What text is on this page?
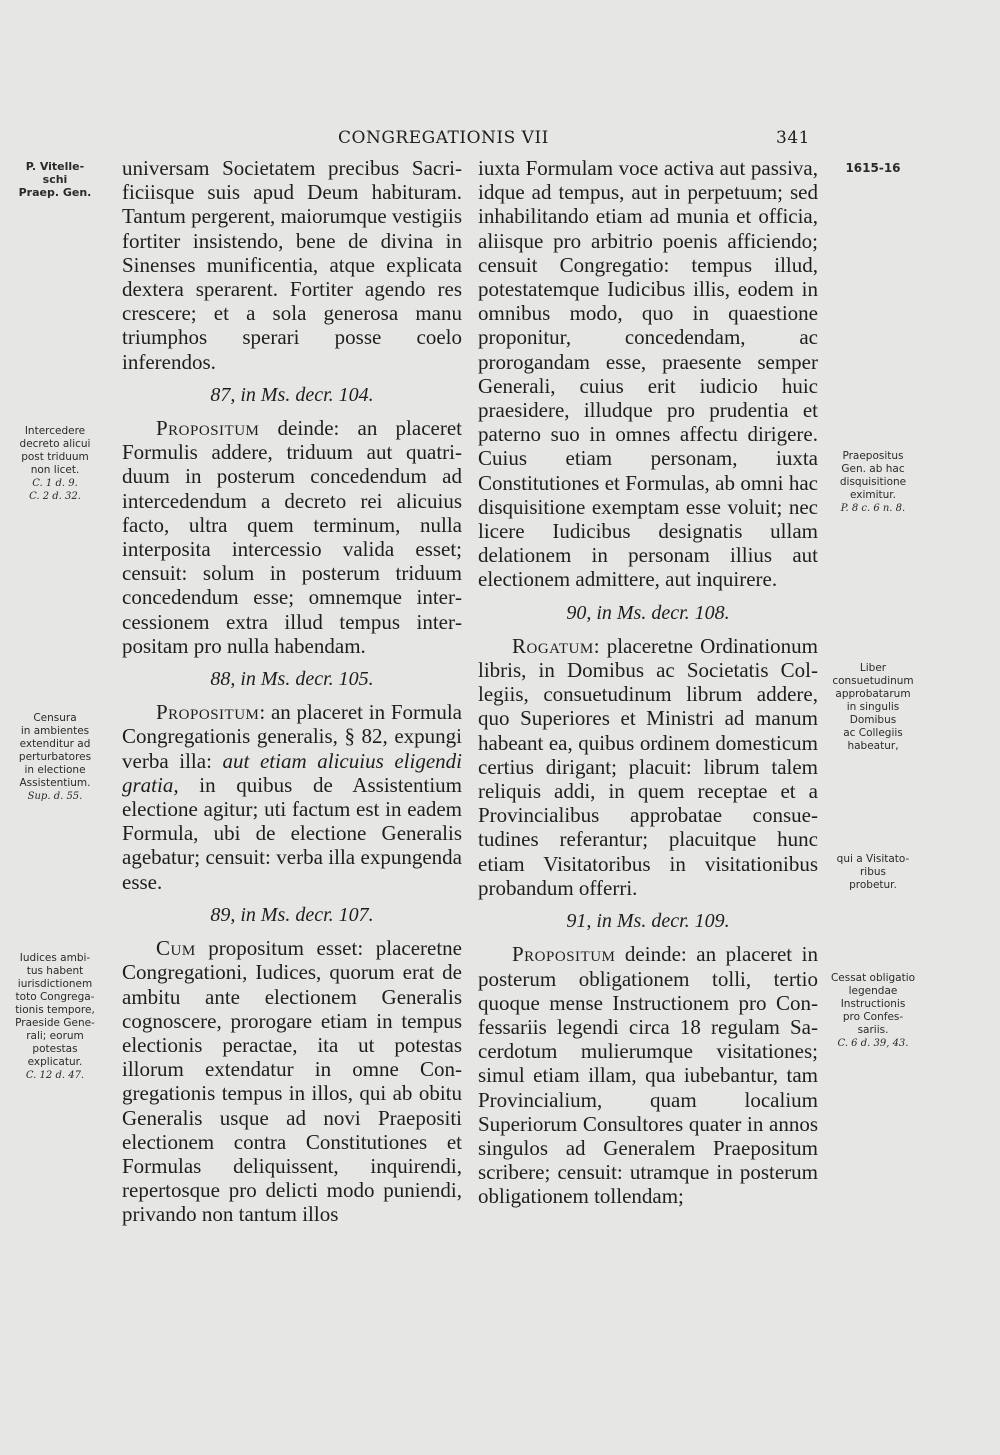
CONGREGATIONIS VII	341
P. Vitelle-
schi
Praep. Gen.
Intercedere
decreto alicui
post triduum
non licet.
C. 1 d. 9.
C. 2 d. 32.
Censura
in ambientes
extenditur ad
perturbatores
in electione
Assistentium.
Sup. d. 55.
Iudices ambi-
tus habent
iurisdictionem
toto Congrega-
tionis tempore,
Praeside Gene-
rali; eorum
potestas
explicatur.
C. 12 d. 47.
1615-16
Praepositus
Gen. ab hac
disquisitione
eximitur.
P. 8 c. 6 n. 8.
Liber
consuetudinum
approbatarum
in singulis
Domibus
ac Collegiis
habeatur,
qui a Visitato-
ribus
probetur.
Cessat obligatio
legendae
Instructionis
pro Confes-
sariis.
C. 6 d. 39, 43.

universam Societatem precibus Sacrificiisque suis apud Deum habituram. Tantum pergerent, maiorumque vestigiis fortiter insistendo, bene de divina in Sinenses munificentia, atque explicata dextera sperarent. Fortiter agendo res crescere; et a sola generosa manu triumphos sperari posse coelo inferendos.

87, in Ms. decr. 104.

Propositum deinde: an placeret Formulis addere, triduum aut quatriduum in posterum concedendum ad intercedendum a decreto rei alicuius facto, ultra quem terminum, nulla interposita intercessio valida esset; censuit: solum in posterum triduum concedendum esse; omnemque intercessionem extra illud tempus interpositam pro nulla habendam.

88, in Ms. decr. 105.

Propositum: an placeret in Formula Congregationis generalis, § 82, expungi verba illa: aut etiam alicuius eligendi gratia, in quibus de Assistentium electione agitur; uti factum est in eadem Formula, ubi de electione Generalis agebatur; censuit: verba illa expungenda esse.

89, in Ms. decr. 107.

Cum propositum esset: placeretne Congregationi, Iudices, quorum erat de ambitu ante electionem Generalis cognoscere, prorogare etiam in tempus electionis peractae, ita ut potestas illorum extendatur in omne Congregationis tempus in illos, qui ab obitu Generalis usque ad novi Praepositi electionem contra Constitutiones et Formulas deliquissent, inquirendi, repertosque pro delicti modo puniendi, privando non tantum illos

iuxta Formulam voce activa aut passiva, idque ad tempus, aut in perpetuum; sed inhabilitando etiam ad munia et officia, aliisque pro arbitrio poenis afficiendo; censuit Congregatio: tempus illud, potestatemque Iudicibus illis, eodem in omnibus modo, quo in quaestione proponitur, concedendam, ac prorogandam esse, praesente semper Generali, cuius erit iudicio huic praesidere, illudque pro prudentia et paterno suo in omnes affectu dirigere. Cuius etiam personam, iuxta Constitutiones et Formulas, ab omni hac disquisitione exemptam esse voluit; nec licere Iudicibus designatis ullam delationem in personam illius aut electionem admittere, aut inquirere.

90, in Ms. decr. 108.

Rogatum: placeretne Ordinationum libris, in Domibus ac Societatis Collegiis, consuetudinum librum addere, quo Superiores et Ministri ad manum habeant ea, quibus ordinem domesticum certius dirigant; placuit: librum talem reliquis addi, in quem receptae et a Provincialibus approbatae consuetudines referantur; placuitque hunc etiam Visitatoribus in visitationibus probandum offerri.

91, in Ms. decr. 109.

Propositum deinde: an placeret in posterum obligationem tolli, tertio quoque mense Instructionem pro Confessariis legendi circa 18 regulam Sacerdotum mulierumque visitationes; simul etiam illam, qua iubebantur, tam Provincialium, quam localium Superiorum Consultores quater in annos singulos ad Generalem Praepositum scribere; censuit: utramque in posterum obligationem tollendam;
